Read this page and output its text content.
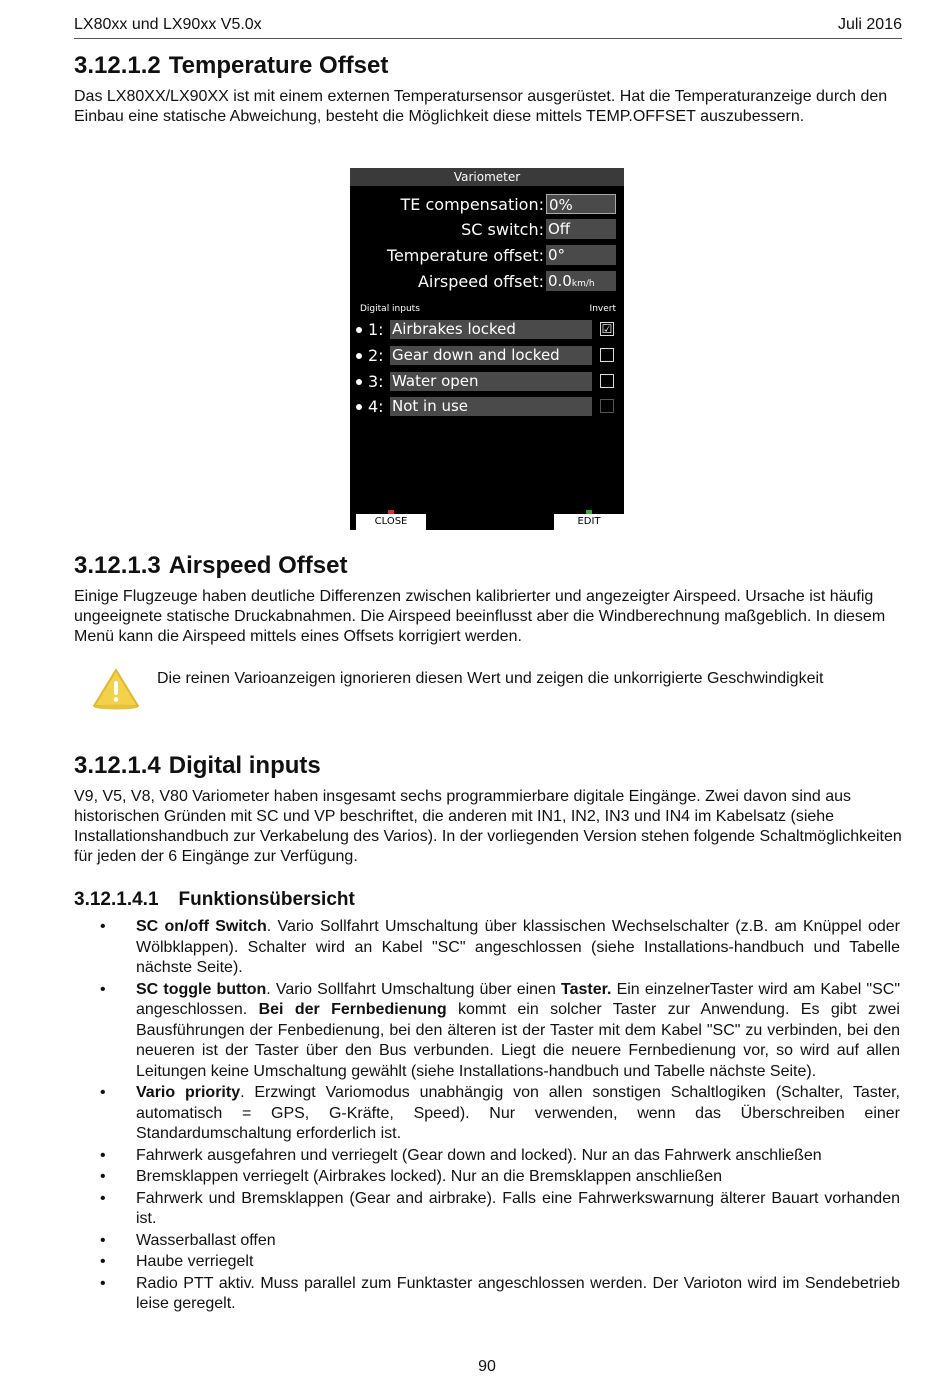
LX80xx und LX90xx V5.0x	Juli 2016
3.12.1.2 Temperature Offset

Das LX80XX/LX90XX ist mit einem externen Temperatursensor ausgerüstet. Hat die Temperaturanzeige durch den Einbau eine statische Abweichung, besteht die Möglichkeit diese mittels TEMP.OFFSET auszubessern.

Variometer
TE compensation: 0%
SC switch: Off
Temperature offset: 0°
Airspeed offset: 0.0km/h
Digital inputs	Invert
1: Airbrakes locked	☑
2: Gear down and locked
3: Water open
4: Not in use
CLOSE	EDIT
3.12.1.3 Airspeed Offset

Einige Flugzeuge haben deutliche Differenzen zwischen kalibrierter und angezeigter Airspeed. Ursache ist häufig ungeeignete statische Druckabnahmen. Die Airspeed beeinflusst aber die Windberechnung maßgeblich. In diesem Menü kann die Airspeed mittels eines Offsets korrigiert werden.

Die reinen Varioanzeigen ignorieren diesen Wert und zeigen die unkorrigierte Geschwindigkeit

3.12.1.4 Digital inputs

V9, V5, V8, V80 Variometer haben insgesamt sechs programmierbare digitale Eingänge. Zwei davon sind aus historischen Gründen mit SC und VP beschriftet, die anderen mit IN1, IN2, IN3 und IN4 im Kabelsatz (siehe Installationshandbuch zur Verkabelung des Varios). In der vorliegenden Version stehen folgende Schaltmöglichkeiten für jeden der 6 Eingänge zur Verfügung.

3.12.1.4.1 Funktionsübersicht
• SC on/off Switch. Vario Sollfahrt Umschaltung über klassischen Wechselschalter (z.B. am Knüppel oder Wölbklappen). Schalter wird an Kabel "SC" angeschlossen (siehe Installations-handbuch und Tabelle nächste Seite).
• SC toggle button. Vario Sollfahrt Umschaltung über einen Taster. Ein einzelnerTaster wird am Kabel "SC" angeschlossen. Bei der Fernbedienung kommt ein solcher Taster zur Anwendung. Es gibt zwei Bausführungen der Fenbedienung, bei den älteren ist der Taster mit dem Kabel "SC" zu verbinden, bei den neueren ist der Taster über den Bus verbunden. Liegt die neuere Fernbedienung vor, so wird auf allen Leitungen keine Umschaltung gewählt (siehe Installations-handbuch und Tabelle nächste Seite).
• Vario priority. Erzwingt Variomodus unabhängig von allen sonstigen Schaltlogiken (Schalter, Taster, automatisch = GPS, G-Kräfte, Speed). Nur verwenden, wenn das Überschreiben einer Standardumschaltung erforderlich ist.
• Fahrwerk ausgefahren und verriegelt (Gear down and locked). Nur an das Fahrwerk anschließen
• Bremsklappen verriegelt (Airbrakes locked). Nur an die Bremsklappen anschließen
• Fahrwerk und Bremsklappen (Gear and airbrake). Falls eine Fahrwerkswarnung älterer Bauart vorhanden ist.
• Wasserballast offen
• Haube verriegelt
• Radio PTT aktiv. Muss parallel zum Funktaster angeschlossen werden. Der Varioton wird im Sendebetrieb leise geregelt.
90
